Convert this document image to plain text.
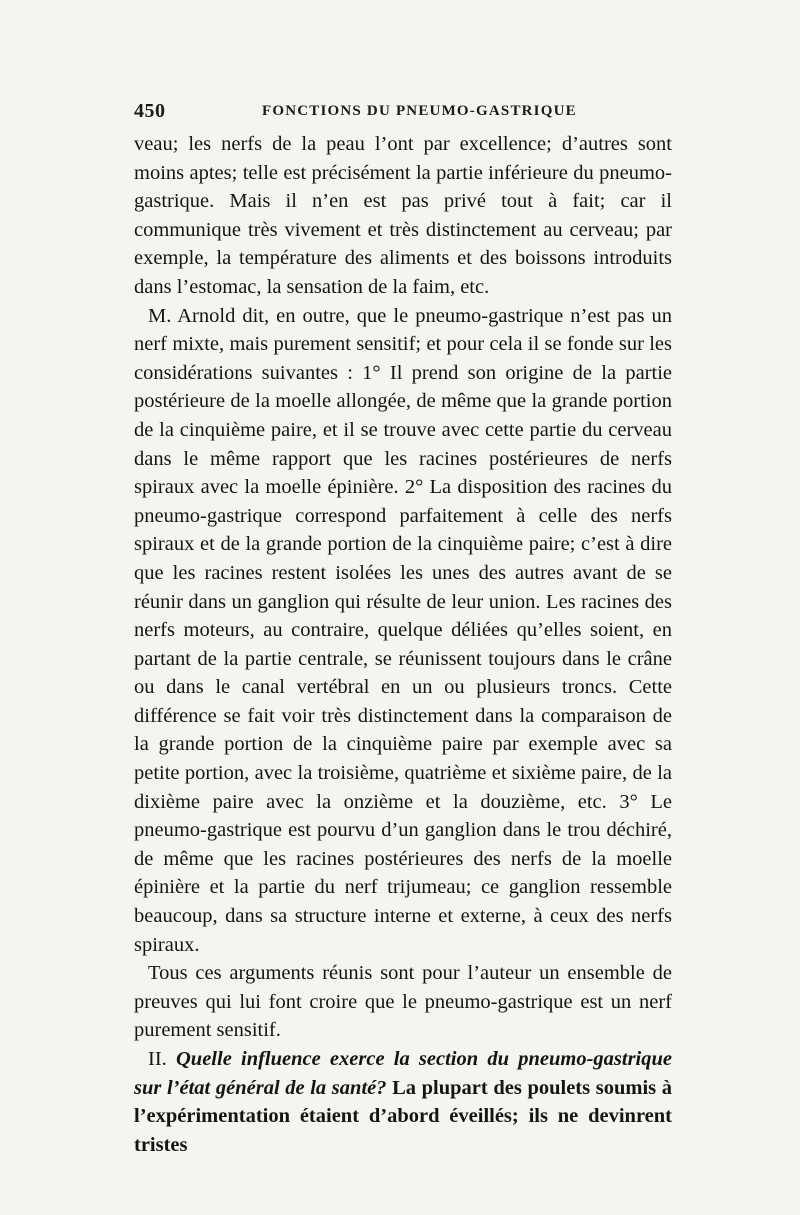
450	FONCTIONS DU PNEUMO-GASTRIQUE

veau; les nerfs de la peau l’ont par excellence; d’autres sont moins aptes; telle est précisément la partie inférieure du pneumo-gastrique. Mais il n’en est pas privé tout à fait; car il communique très vivement et très distinctement au cerveau; par exemple, la température des aliments et des boissons introduits dans l’estomac, la sensation de la faim, etc.

M. Arnold dit, en outre, que le pneumo-gastrique n’est pas un nerf mixte, mais purement sensitif; et pour cela il se fonde sur les considérations suivantes : 1° Il prend son origine de la partie postérieure de la moelle allongée, de même que la grande portion de la cinquième paire, et il se trouve avec cette partie du cerveau dans le même rapport que les racines postérieures de nerfs spiraux avec la moelle épinière. 2° La disposition des racines du pneumo-gastrique correspond parfaitement à celle des nerfs spiraux et de la grande portion de la cinquième paire; c’est à dire que les racines restent isolées les unes des autres avant de se réunir dans un ganglion qui résulte de leur union. Les racines des nerfs moteurs, au contraire, quelque déliées qu’elles soient, en partant de la partie centrale, se réunissent toujours dans le crâne ou dans le canal vertébral en un ou plusieurs troncs. Cette différence se fait voir très distinctement dans la comparaison de la grande portion de la cinquième paire par exemple avec sa petite portion, avec la troisième, quatrième et sixième paire, de la dixième paire avec la onzième et la douzième, etc. 3° Le pneumo-gastrique est pourvu d’un ganglion dans le trou déchiré, de même que les racines postérieures des nerfs de la moelle épinière et la partie du nerf trijumeau; ce ganglion ressemble beaucoup, dans sa structure interne et externe, à ceux des nerfs spiraux.

Tous ces arguments réunis sont pour l’auteur un ensemble de preuves qui lui font croire que le pneumo-gastrique est un nerf purement sensitif.

II. Quelle influence exerce la section du pneumo-gastrique sur l’état général de la santé? La plupart des poulets soumis à l’expérimentation étaient d’abord éveillés; ils ne devinrent tristes
